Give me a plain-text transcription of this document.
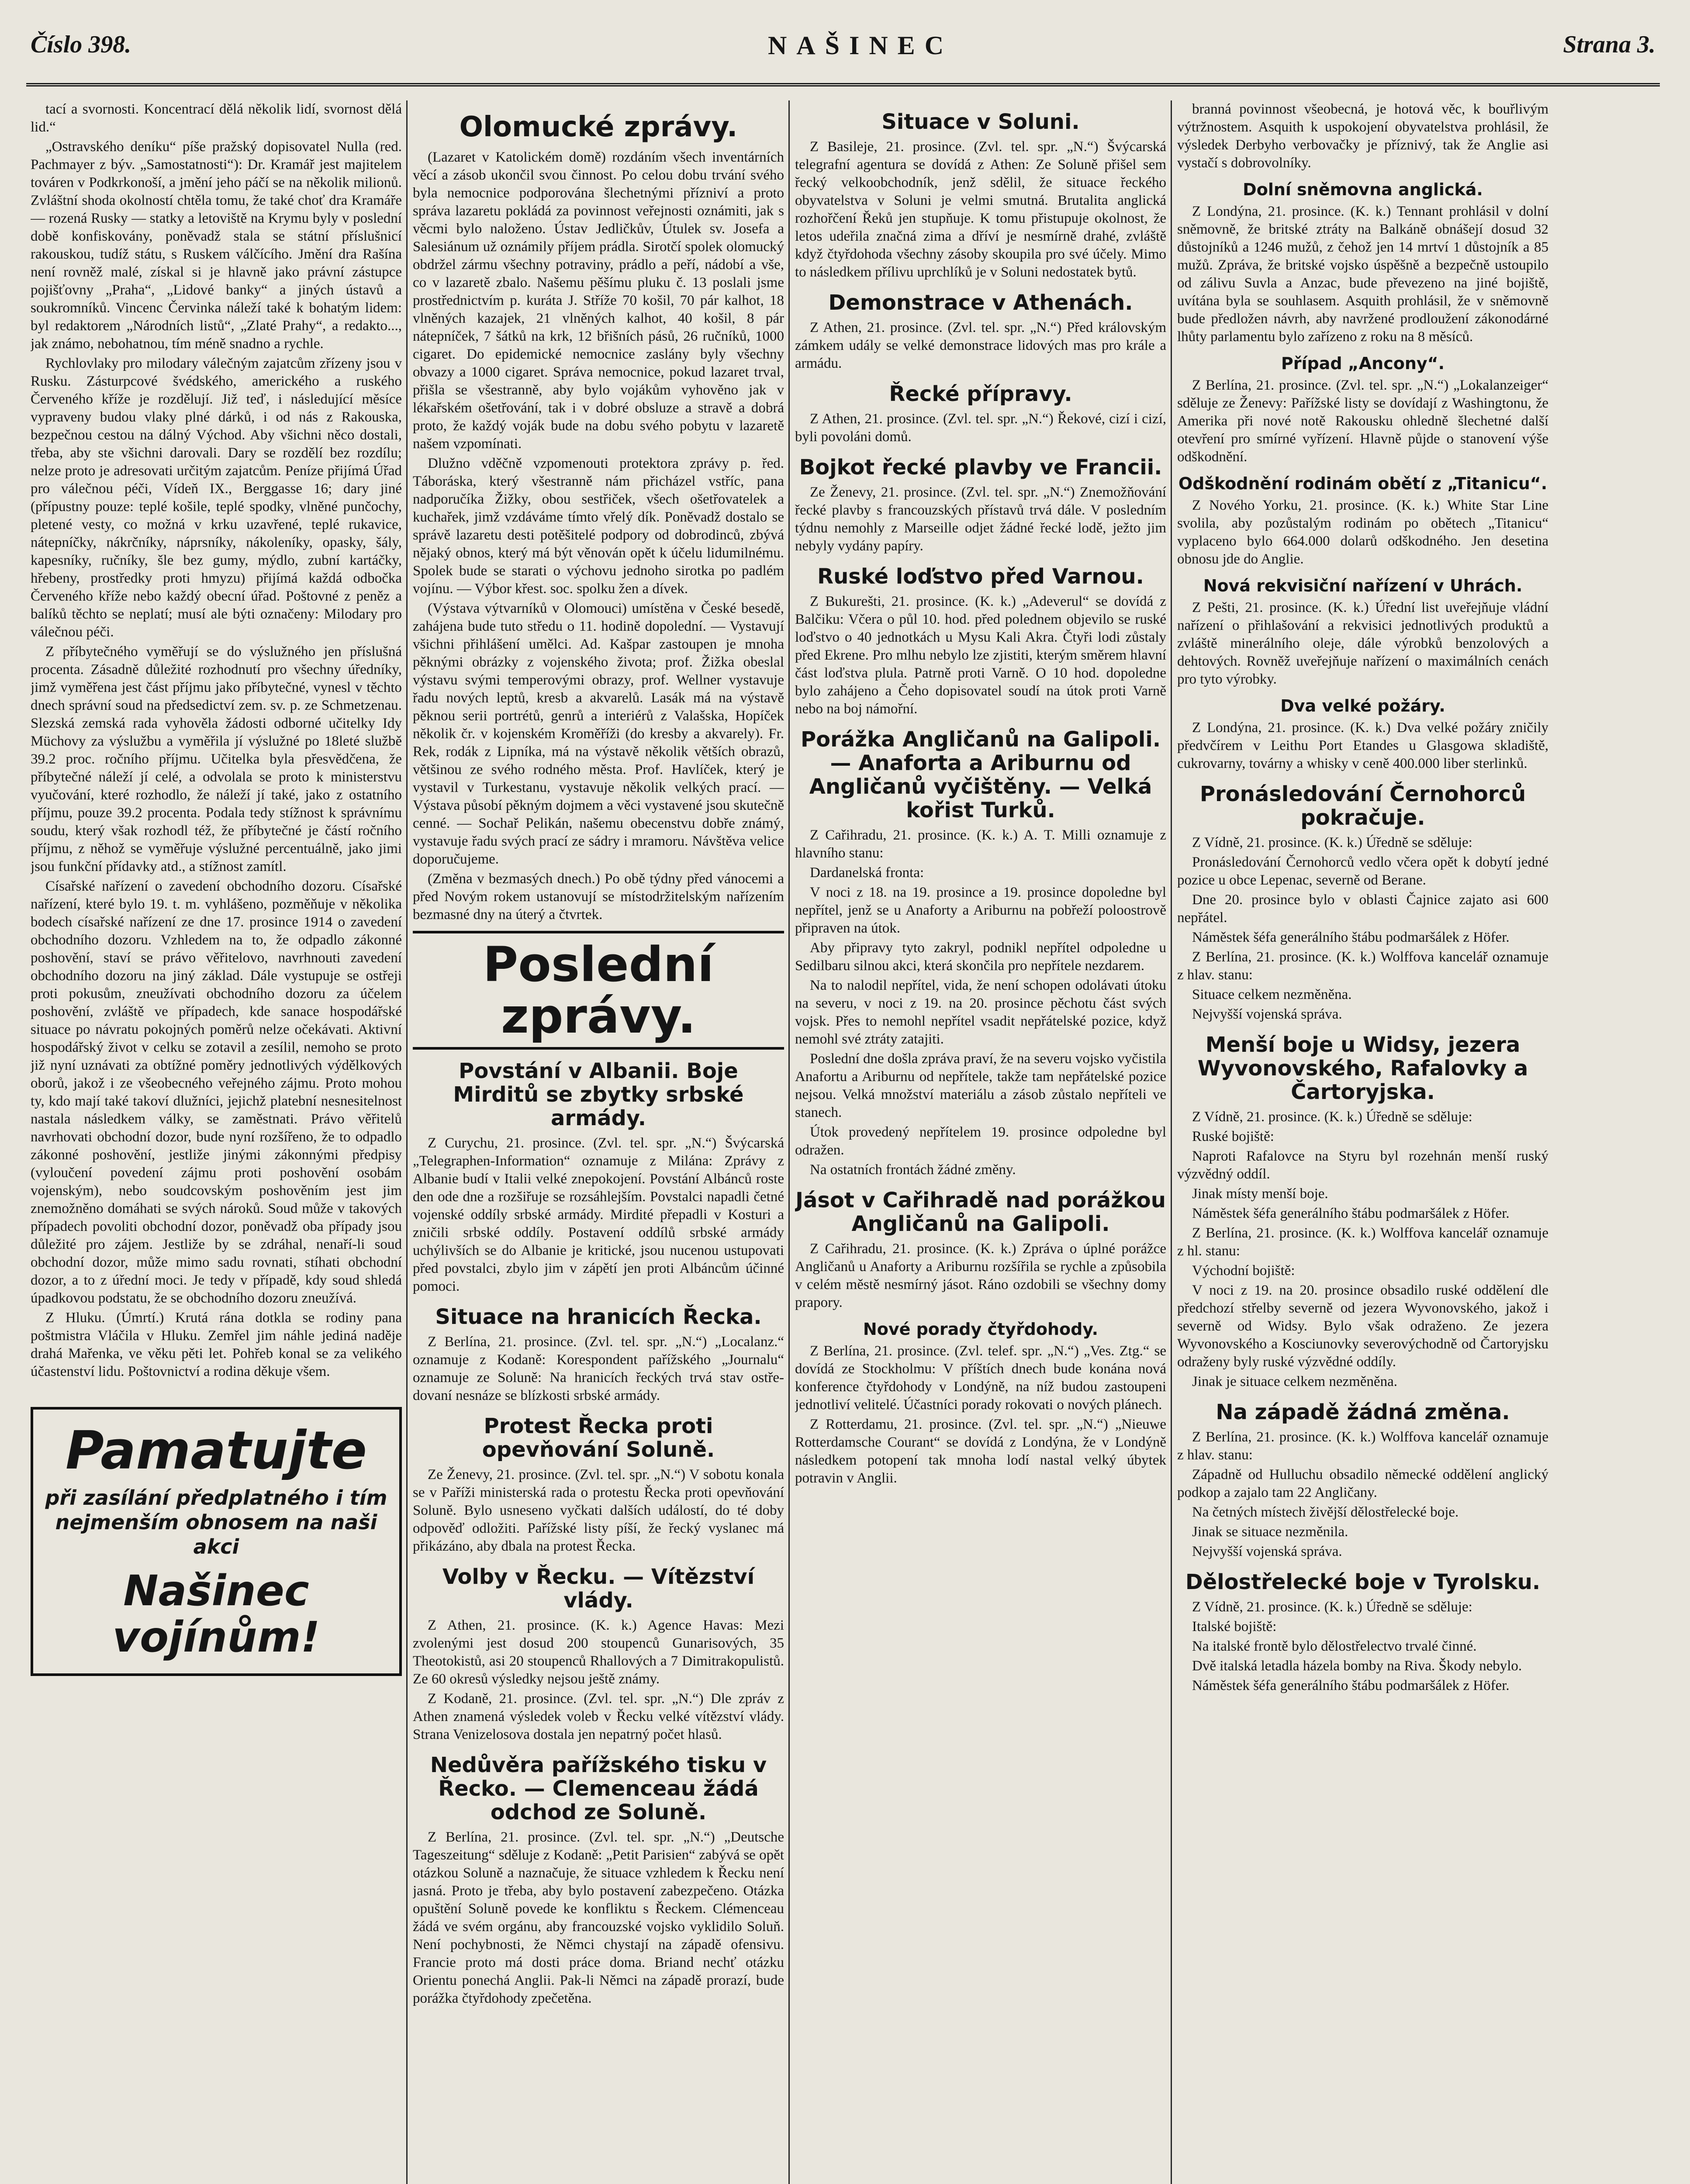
Číslo 398.	NAŠINEC	Strana 3.

tací a svornosti. Koncentrací dělá několik lidí, svornost dělá lid.“

„Ostravského deníku“ píše pražský dopisovatel Nulla (red. Pachmayer z býv. „Samostatnosti“): Dr. Kramář jest majitelem továren v Podkrkonoší, a jmění jeho páčí se na několik milionů. Zvláštní shoda okolností chtěla tomu, že také choť dra Kramáře — rozená Rusky — statky a letoviště na Krymu byly v poslední době konfiskovány, poněvadž stala se státní příslušnicí rakouskou, tudíž státu, s Ruskem válčícího. Jmění dra Rašína není rovněž malé, získal si je hlavně jako právní zástupce pojišťovny „Praha“, „Lidové banky“ a jiných ústavů a soukromníků. Vincenc Červinka náleží také k bohatým lidem: byl redaktorem „Národních listů“, „Zlaté Prahy“, a redakto..., jak známo, nebohatnou, tím méně snadno a rychle.

Rychlovlaky pro milodary válečným zajatcům zřízeny jsou v Rusku. Zásturpcové švédského, amerického a ruského Červeného kříže je rozdělují. Již teď, i následující měsíce vypraveny budou vlaky plné dárků, i od nás z Rakouska, bezpečnou cestou na dálný Východ. Aby všichni něco dostali, třeba, aby ste všichni darovali. Dary se rozdělí bez rozdílu; nelze proto je adresovati určitým zajatcům. Peníze přijímá Úřad pro válečnou péči, Vídeň IX., Berggasse 16; dary jiné (přípustny pouze: teplé košile, teplé spodky, vlněné punčochy, pletené vesty, co možná v krku uzavřené, teplé rukavice, nátepníčky, nákrčníky, náprsníky, nákoleníky, opasky, šály, kapesníky, ručníky, šle bez gumy, mýdlo, zubní kartáčky, hřebeny, prostředky proti hmyzu) přijímá každá odbočka Červeného kříže nebo každý obecní úřad. Poštovné z peněz a balíků těchto se neplatí; musí ale býti označeny: Milodary pro válečnou péči.

Z příbytečného vyměřují se do výslužného jen příslušná procenta. Zásadně důležité rozhodnutí pro všechny úředníky, jimž vyměřena jest část příjmu jako příbytečné, vynesl v těchto dnech správní soud na předsedictví zem. sv. p. ze Schmetzenau. Slezská zemská rada vyhověla žádosti odborné učitelky Idy Müchovy za výslužbu a vyměřila jí výslužné po 18leté službě 39.2 proc. ročního příjmu. Učitelka byla přesvědčena, že příbytečné náleží jí celé, a odvolala se proto k ministerstvu vyučování, které rozhodlo, že náleží jí také, jako z ostatního příjmu, pouze 39.2 procenta. Podala tedy stížnost k správnímu soudu, který však rozhodl též, že příbytečné je částí ročního příjmu, z něhož se vyměřuje výslužné percentuálně, jako jimi jsou funkční přídavky atd., a stížnost zamítl.

Císařské nařízení o zavedení obchodního dozoru. Císařské nařízení, které bylo 19. t. m. vyhlášeno, pozměňuje v několika bodech císařské nařízení ze dne 17. prosince 1914 o zavedení obchodního dozoru. Vzhledem na to, že odpadlo zákonné poshovění, staví se právo věřitelovo, navrhnouti zavedení obchodního dozoru na jiný základ. Dále vystupuje se ostřeji proti pokusům, zneužívati obchodního dozoru za účelem poshovění, zvláště ve případech, kde sanace hospodářské situace po návratu pokojných poměrů nelze očekávati. Aktivní hospodářský život v celku se zotavil a zesílil, nemoho se proto již nyní uznávati za obtížné poměry jednotlivých výdělkových oborů, jakož i ze všeobecného veřejného zájmu. Proto mohou ty, kdo mají také takoví dlužníci, jejichž platební nesnesitelnost nastala následkem války, se zaměstnati. Právo věřitelů navrhovati obchodní dozor, bude nyní rozšířeno, že to odpadlo zákonné poshovění, jestliže jinými zákonnými předpisy (vyloučení povedení zájmu proti poshovění osobám vojenským), nebo soudcovským poshověním jest jim znemožněno domáhati se svých nároků. Soud může v takových případech povoliti obchodní dozor, poněvadž oba případy jsou důležité pro zájem. Jestliže by se zdráhal, nenaří-li soud obchodní dozor, může mimo sadu rovnati, stíhati obchodní dozor, a to z úřední moci. Je tedy v případě, kdy soud shledá úpadkovou podstatu, že se obchodního dozoru zneužívá.

Z Hluku. (Úmrtí.) Krutá rána dotkla se rodiny pana poštmistra Vláčila v Hluku. Zemřel jim náhle jediná naděje drahá Mařenka, ve věku pěti let. Pohřeb konal se za velikého účastenství lidu. Poštovnictví a rodina děkuje všem.

Pamatujte
při zasílání předplatného i tím nejmenším obnosem na naši akci
Našinec vojínům!
Olomucké zprávy.

(Lazaret v Katolickém domě) rozdáním všech inventárních věcí a zásob ukončil svou činnost. Po celou dobu trvání svého byla nemocnice podporována šlechetnými přízniví a proto správa lazaretu pokládá za povinnost veřejnosti oznámiti, jak s věcmi bylo naloženo. Ústav Jedličkův, Útulek sv. Josefa a Salesiánum už oznámily příjem prádla. Sirotčí spolek olomucký obdržel zármu všechny potraviny, prádlo a peří, nádobí a vše, co v lazaretě zbalo. Našemu pěšímu pluku č. 13 poslali jsme prostřednictvím p. kuráta J. Stříže 70 košil, 70 pár kalhot, 18 vlněných kazajek, 21 vlněných kalhot, 40 košil, 8 pár nátepníček, 7 šátků na krk, 12 břišních pásů, 26 ručníků, 1000 cigaret. Do epidemické nemocnice zaslány byly všechny obvazy a 1000 cigaret. Správa nemocnice, pokud lazaret trval, přišla se všestranně, aby bylo vojákům vyhověno jak v lékařském ošetřování, tak i v dobré obsluze a stravě a dobrá proto, že každý voják bude na dobu svého pobytu v lazaretě našem vzpomínati.

Dlužno vděčně vzpomenouti protektora zprávy p. řed. Táboráska, který všestranně nám přicházel vstříc, pana nadporučíka Žižky, obou sestřiček, všech ošetřovatelek a kuchařek, jimž vzdáváme tímto vřelý dík. Poněvadž dostalo se správě lazaretu desti potěšitelé podpory od dobrodinců, zbývá nějaký obnos, který má být věnován opět k účelu lidumilnému. Spolek bude se starati o výchovu jednoho sirotka po padlém vojínu. — Výbor křest. soc. spolku žen a dívek.

(Výstava výtvarníků v Olomouci) umístěna v České besedě, zahájena bude tuto středu o 11. hodině dopolední. — Vystavují všichni přihlášení umělci. Ad. Kašpar zastoupen je mnoha pěknými obrázky z vojenského života; prof. Žižka obeslal výstavu svými temperovými obrazy, prof. Wellner vystavuje řadu nových leptů, kresb a akvarelů. Lasák má na výstavě pěknou serii portrétů, genrů a interiérů z Valašska, Hopíček několik čr. v kojenském Kroměříži (do kresby a akvarely). Fr. Rek, rodák z Lipníka, má na výstavě několik větších obrazů, většinou ze svého rodného města. Prof. Havlíček, který je vystavil v Turkestanu, vystavuje několik velkých prací. — Výstava působí pěkným dojmem a věci vystavené jsou skutečně cenné. — Sochař Pelikán, našemu obecenstvu dobře známý, vystavuje řadu svých prací ze sádry i mramoru. Návštěva velice doporučujeme.

(Změna v bezmasých dnech.) Po obě týdny před vánocemi a před Novým rokem ustanovují se místodržitelským nařízením bezmasné dny na úterý a čtvrtek.

Poslední zprávy.
Povstání v Albanii. Boje Mirditů se zbytky srbské armády.

Z Curychu, 21. prosince. (Zvl. tel. spr. „N.“) Švýcarská „Telegraphen-Information“ oznamuje z Milána: Zprávy z Albanie budí v Italii velké znepokojení. Povstání Albánců roste den ode dne a rozšiřuje se rozsáhlejším. Povstalci napadli četné vojenské oddíly srbské armády. Mirdité přepadli v Kosturi a zničili srbské oddíly. Postavení oddílů srbské armády uchýlivších se do Albanie je kritické, jsou nucenou ustupovati před povstalci, zbylo jim v zápětí jen proti Albáncům účinné pomoci.

Situace na hranicích Řecka.

Z Berlína, 21. prosince. (Zvl. tel. spr. „N.“) „Localanz.“ oznamuje z Kodaně: Korespondent pařížského „Journalu“ oznamuje ze Soluně: Na hranicích řeckých trvá stav ostře-dovaní nesnáze se blízkosti srbské armády.

Protest Řecka proti opevňování Soluně.

Ze Ženevy, 21. prosince. (Zvl. tel. spr. „N.“) V sobotu konala se v Paříži ministerská rada o protestu Řecka proti opevňování Soluně. Bylo usneseno vyčkati dalších událostí, do té doby odpověď odložiti. Pařížské listy píší, že řecký vyslanec má přikázáno, aby dbala na protest Řecka.

Volby v Řecku. — Vítězství vlády.

Z Athen, 21. prosince. (K. k.) Agence Havas: Mezi zvolenými jest dosud 200 stoupenců Gunarisových, 35 Theotokistů, asi 20 stoupenců Rhallových a 7 Dimitrakopulistů. Ze 60 okresů výsledky nejsou ještě známy.

Z Kodaně, 21. prosince. (Zvl. tel. spr. „N.“) Dle zpráv z Athen znamená výsledek voleb v Řecku velké vítězství vlády. Strana Venizelosova dostala jen nepatrný počet hlasů.

Nedůvěra pařížského tisku v Řecko. — Clemenceau žádá odchod ze Soluně.

Z Berlína, 21. prosince. (Zvl. tel. spr. „N.“) „Deutsche Tageszeitung“ sděluje z Kodaně: „Petit Parisien“ zabývá se opět otázkou Soluně a naznačuje, že situace vzhledem k Řecku není jasná. Proto je třeba, aby bylo postavení zabezpečeno. Otázka opuštění Soluně povede ke konfliktu s Řeckem. Clémenceau žádá ve svém orgánu, aby francouzské vojsko vyklidilo Soluň. Není pochybnosti, že Němci chystají na západě ofensivu. Francie proto má dosti práce doma. Briand nechť otázku Orientu ponechá Anglii. Pak-li Němci na západě prorazí, bude porážka čtyřdohody zpečetěna.

Situace v Soluni.

Z Basileje, 21. prosince. (Zvl. tel. spr. „N.“) Švýcarská telegrafní agentura se dovídá z Athen: Ze Soluně přišel sem řecký velkoobchodník, jenž sdělil, že situace řeckého obyvatelstva v Soluni je velmi smutná. Brutalita anglická rozhořčení Řeků jen stupňuje. K tomu přistupuje okolnost, že letos udeřila značná zima a dříví je nesmírně drahé, zvláště když čtyřdohoda všechny zásoby skoupila pro své účely. Mimo to následkem přílivu uprchlíků je v Soluni nedostatek bytů.

Demonstrace v Athenách.

Z Athen, 21. prosince. (Zvl. tel. spr. „N.“) Před královským zámkem udály se velké demonstrace lidových mas pro krále a armádu.

Řecké přípravy.

Z Athen, 21. prosince. (Zvl. tel. spr. „N.“) Řekové, cizí i cizí, byli povoláni domů.

Bojkot řecké plavby ve Francii.

Ze Ženevy, 21. prosince. (Zvl. tel. spr. „N.“) Znemožňování řecké plavby s francouzských přístavů trvá dále. V posledním týdnu nemohly z Marseille odjet žádné řecké lodě, ježto jim nebyly vydány papíry.

Ruské loďstvo před Varnou.

Z Bukurešti, 21. prosince. (K. k.) „Adeverul“ se dovídá z Balčiku: Včera o půl 10. hod. před polednem objevilo se ruské loďstvo o 40 jednotkách u Mysu Kali Akra. Čtyři lodi zůstaly před Ekrene. Pro mlhu nebylo lze zjistiti, kterým směrem hlavní část loďstva plula. Patrně proti Varně. O 10 hod. dopoledne bylo zahájeno a Čeho dopisovatel soudí na útok proti Varně nebo na boj námořní.

Porážka Angličanů na Galipoli. — Anaforta a Ariburnu od Angličanů vyčištěny. — Velká kořist Turků.

Z Cařihradu, 21. prosince. (K. k.) A. T. Milli oznamuje z hlavního stanu:

Dardanelská fronta:

V noci z 18. na 19. prosince a 19. prosince dopoledne byl nepřítel, jenž se u Anaforty a Ariburnu na pobřeží poloostrově připraven na útok.

Aby připravy tyto zakryl, podnikl nepřítel odpoledne u Sedilbaru silnou akci, která skončila pro nepřítele nezdarem.

Na to nalodil nepřítel, vida, že není schopen odolávati útoku na severu, v noci z 19. na 20. prosince pěchotu část svých vojsk. Přes to nemohl nepřítel vsadit nepřátelské pozice, když nemohl své ztráty zatajiti.

Poslední dne došla zpráva praví, že na severu vojsko vyčistila Anafortu a Ariburnu od nepřítele, takže tam nepřátelské pozice nejsou. Velká množství materiálu a zásob zůstalo nepříteli ve stanech.

Útok provedený nepřítelem 19. prosince odpoledne byl odražen.

Na ostatních frontách žádné změny.

Jásot v Cařihradě nad porážkou Angličanů na Galipoli.

Z Cařihradu, 21. prosince. (K. k.) Zpráva o úplné porážce Angličanů u Anaforty a Ariburnu rozšířila se rychle a způsobila v celém městě nesmírný jásot. Ráno ozdobili se všechny domy prapory.

Nové porady čtyřdohody.

Z Berlína, 21. prosince. (Zvl. telef. spr. „N.“) „Ves. Ztg.“ se dovídá ze Stockholmu: V příštích dnech bude konána nová konference čtyřdohody v Londýně, na níž budou zastoupeni jednotliví velitelé. Účastníci porady rokovati o nových plánech.

Z Rotterdamu, 21. prosince. (Zvl. tel. spr. „N.“) „Nieuwe Rotterdamsche Courant“ se dovídá z Londýna, že v Londýně následkem potopení tak mnoha lodí nastal velký úbytek potravin v Anglii.

branná povinnost všeobecná, je hotová věc, k bouřlivým výtržnostem. Asquith k uspokojení obyvatelstva prohlásil, že výsledek Derbyho verbovačky je příznivý, tak že Anglie asi vystačí s dobrovolníky.

Dolní sněmovna anglická.

Z Londýna, 21. prosince. (K. k.) Tennant prohlásil v dolní sněmovně, že britské ztráty na Balkáně obnášejí dosud 32 důstojníků a 1246 mužů, z čehož jen 14 mrtví 1 důstojník a 85 mužů. Zpráva, že britské vojsko úspěšně a bezpečně ustoupilo od zálivu Suvla a Anzac, bude převezeno na jiné bojiště, uvítána byla se souhlasem. Asquith prohlásil, že v sněmovně bude předložen návrh, aby navržené prodloužení zákonodárné lhůty parlamentu bylo zařízeno z roku na 8 měsíců.

Případ „Ancony“.

Z Berlína, 21. prosince. (Zvl. tel. spr. „N.“) „Lokalanzeiger“ sděluje ze Ženevy: Pařížské listy se dovídají z Washingtonu, že Amerika při nové notě Rakousku ohledně šlechetné další otevření pro smírné vyřízení. Hlavně půjde o stanovení výše odškodnění.

Odškodnění rodinám obětí z „Titanicu“.

Z Nového Yorku, 21. prosince. (K. k.) White Star Line svolila, aby pozůstalým rodinám po obětech „Titanicu“ vyplaceno bylo 664.000 dolarů odškodného. Jen desetina obnosu jde do Anglie.

Nová rekvisiční nařízení v Uhrách.

Z Pešti, 21. prosince. (K. k.) Úřední list uveřejňuje vládní nařízení o přihlašování a rekvisici jednotlivých produktů a zvláště minerálního oleje, dále výrobků benzolových a dehtových. Rovněž uveřejňuje nařízení o maximálních cenách pro tyto výrobky.

Dva velké požáry.

Z Londýna, 21. prosince. (K. k.) Dva velké požáry zničily předvčírem v Leithu Port Etandes u Glasgowa skladiště, cukrovarny, továrny a whisky v ceně 400.000 liber sterlinků.

Pronásledování Černohorců pokračuje.

Z Vídně, 21. prosince. (K. k.) Úředně se sděluje:

Pronásledování Černohorců vedlo včera opět k dobytí jedné pozice u obce Lepenac, severně od Berane.

Dne 20. prosince bylo v oblasti Čajnice zajato asi 600 nepřátel.

Náměstek šéfa generálního štábu podmaršálek z Höfer.

Z Berlína, 21. prosince. (K. k.) Wolffova kancelář oznamuje z hlav. stanu:

Situace celkem nezměněna.

Nejvyšší vojenská správa.

Menší boje u Widsy, jezera Wyvonovského, Rafalovky a Čartoryjska.

Z Vídně, 21. prosince. (K. k.) Úředně se sděluje:

Ruské bojiště:

Naproti Rafalovce na Styru byl rozehnán menší ruský výzvědný oddíl.

Jinak místy menší boje.

Náměstek šéfa generálního štábu podmaršálek z Höfer.

Z Berlína, 21. prosince. (K. k.) Wolffova kancelář oznamuje z hl. stanu:

Východní bojiště:

V noci z 19. na 20. prosince obsadilo ruské oddělení dle předchozí střelby severně od jezera Wyvonovského, jakož i severně od Widsy. Bylo však odraženo. Ze jezera Wyvonovského a Kosciunovky severovýchodně od Čartoryjsku odraženy byly ruské výzvědné oddíly.

Jinak je situace celkem nezměněna.

Na západě žádná změna.

Z Berlína, 21. prosince. (K. k.) Wolffova kancelář oznamuje z hlav. stanu:

Západně od Hulluchu obsadilo německé oddělení anglický podkop a zajalo tam 22 Angličany.

Na četných místech živější dělostřelecké boje.

Jinak se situace nezměnila.

Nejvyšší vojenská správa.

Dělostřelecké boje v Tyrolsku.

Z Vídně, 21. prosince. (K. k.) Úředně se sděluje:

Italské bojiště:

Na italské frontě bylo dělostřelectvo trvalé činné.

Dvě italská letadla házela bomby na Riva. Škody nebylo.

Náměstek šéfa generálního štábu podmaršálek z Höfer.
